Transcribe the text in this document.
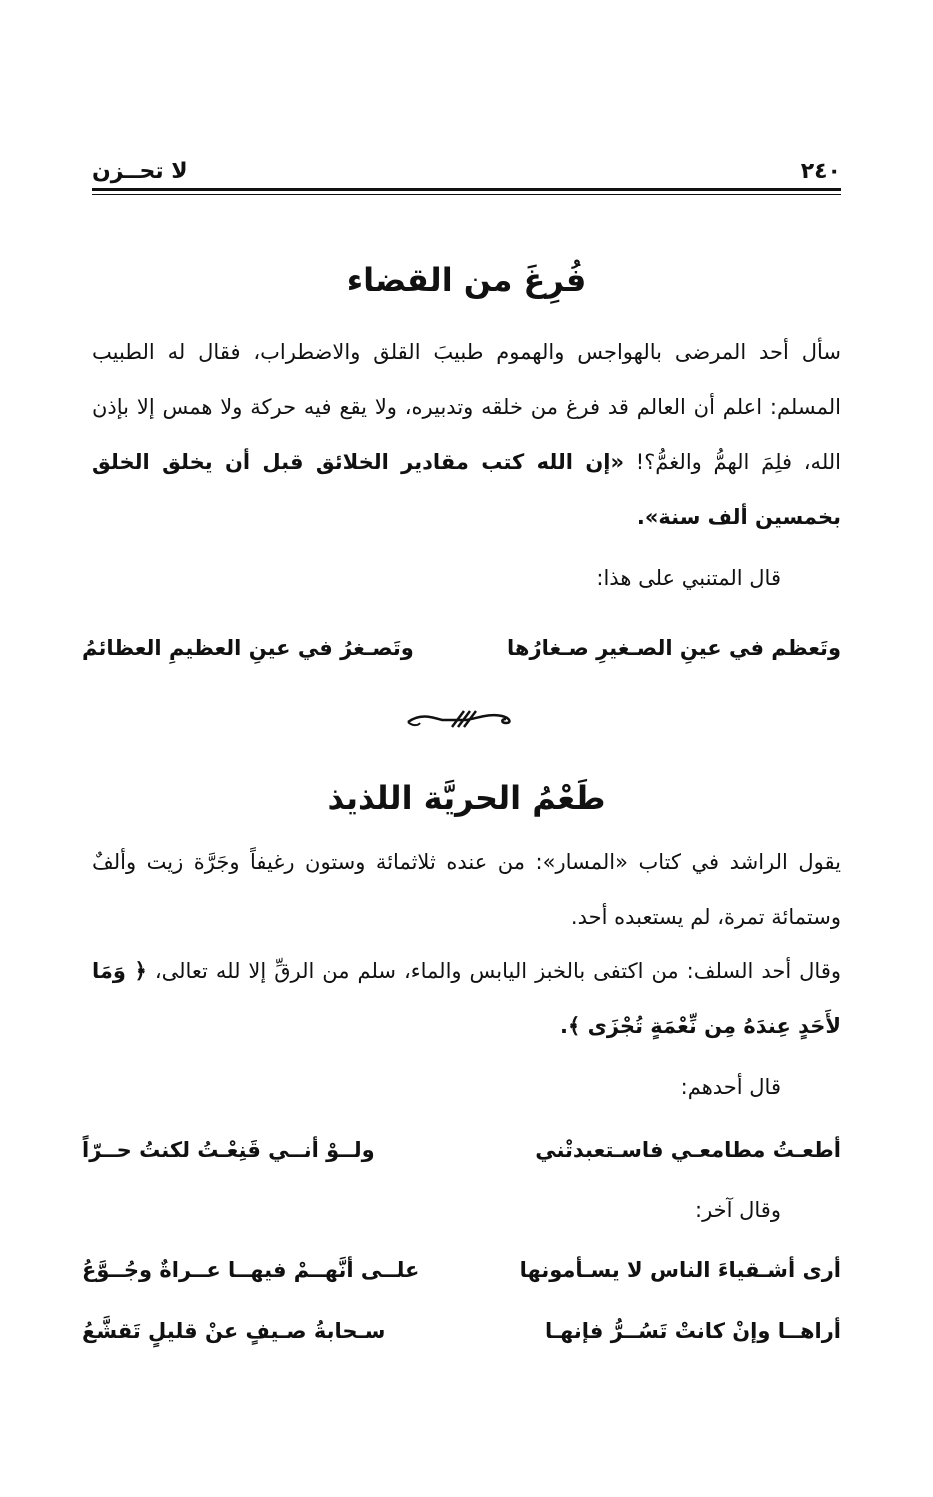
٢٤٠
لا تحــزن
فُرِغَ من القضاء
سأل أحد المرضى بالهواجس والهموم طبيبَ القلق والاضطراب، فقال له الطبيب المسلم: اعلم أن العالم قد فرغ من خلقه وتدبيره، ولا يقع فيه حركة ولا همس إلا بإذن الله، فلِمَ الهمُّ والغمُّ؟! «إن الله كتب مقادير الخلائق قبل أن يخلق الخلق بخمسين ألف سنة».
قال المتنبي على هذا:
وتَعظم في عينِ الصـغيرِ صـغارُها
وتَصـغرُ في عينِ العظيمِ العظائمُ
طَعْمُ الحريَّة اللذيذ
يقول الراشد في كتاب «المسار»: من عنده ثلاثمائة وستون رغيفاً وجَرَّة زيت وألفٌ وستمائة تمرة، لم يستعبده أحد.
وقال أحد السلف: من اكتفى بالخبز اليابس والماء، سلم من الرقِّ إلا لله تعالى، ﴿ وَمَا لأَحَدٍ عِندَهُ مِن نِّعْمَةٍ تُجْزَى ﴾.
قال أحدهم:
أطعـتُ مطامعـي فاسـتعبدتْني
ولــوْ أنــي قَنِعْـتُ لكنتُ حــرّاً
وقال آخر:
أرى أشـقياءَ الناس لا يسـأمونها
علــى أنَّهــمْ فيهــا عــراةٌ وجُــوَّعُ
أراهــا وإنْ كانتْ تَسُــرُّ فإنهـا
سـحابةُ صـيفٍ عنْ قليلٍ تَقشَّعُ
